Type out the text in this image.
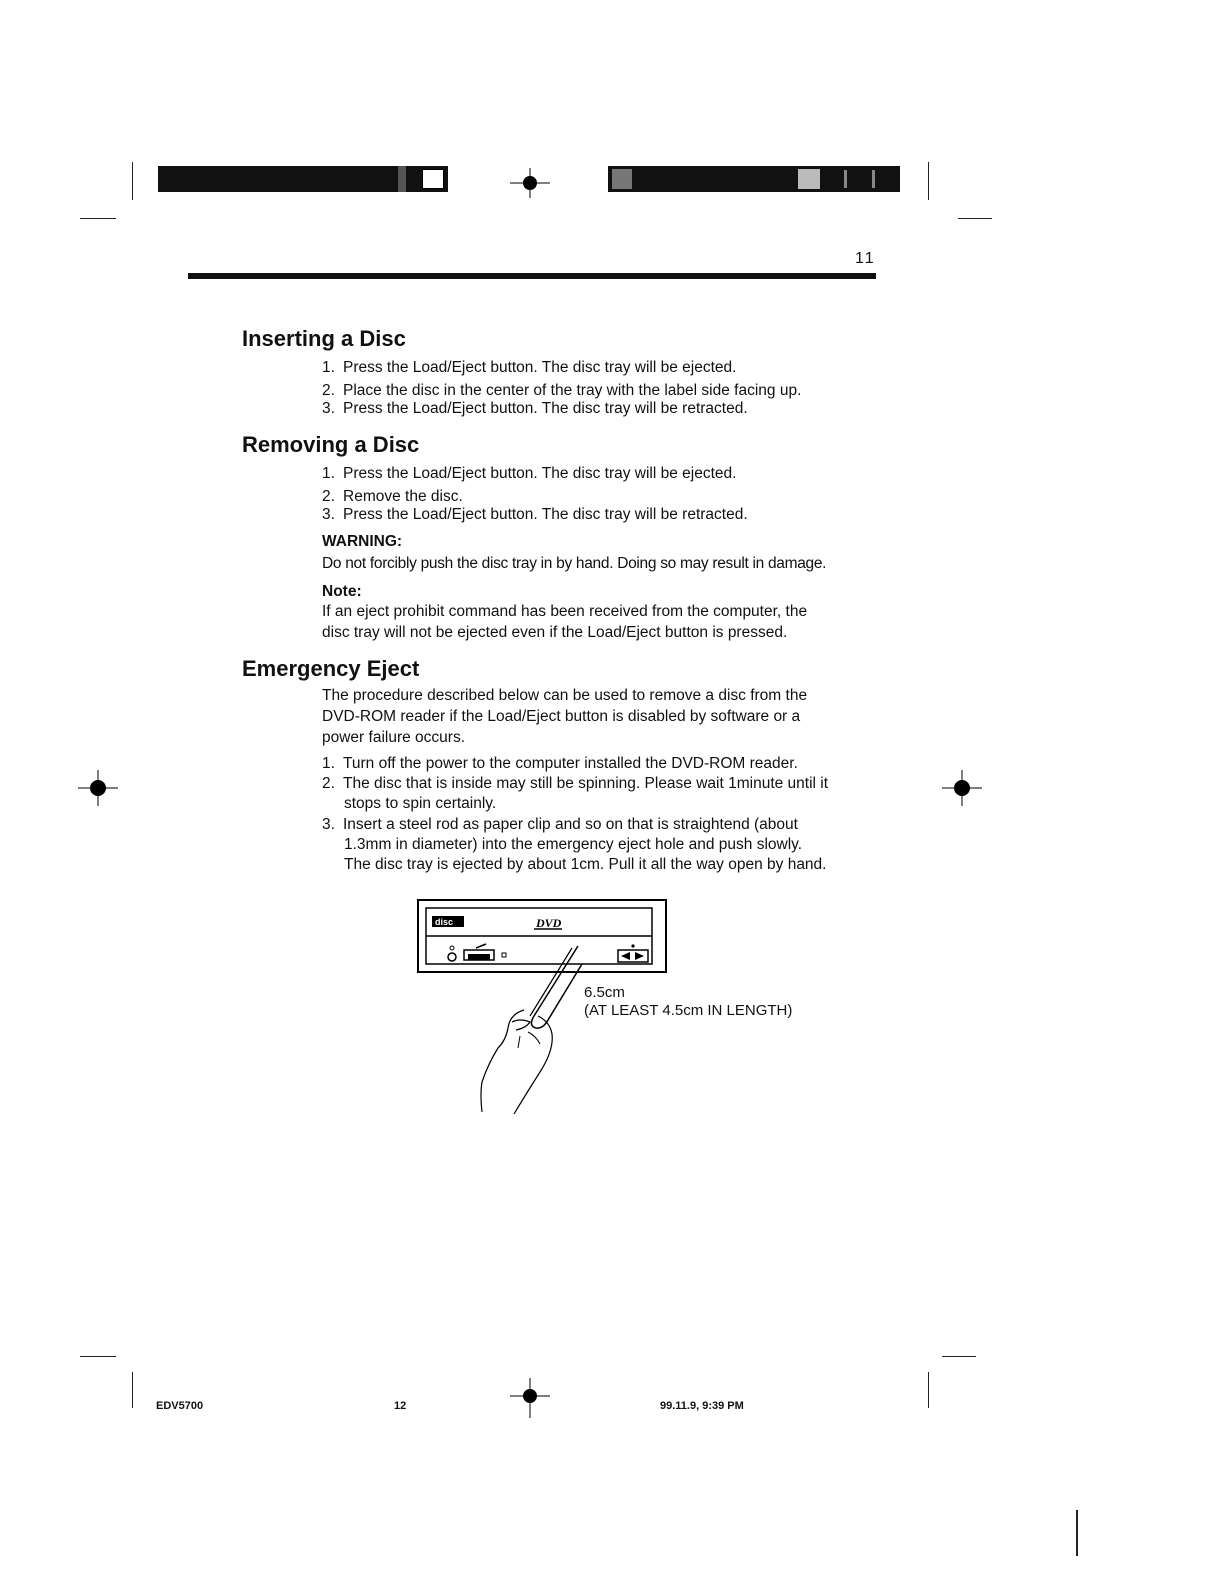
11
Inserting a Disc
1. Press the Load/Eject button. The disc tray will be ejected.
2. Place the disc in the center of the tray with the label side facing up.
3. Press the Load/Eject button. The disc tray will be retracted.
Removing a Disc
1. Press the Load/Eject button. The disc tray will be ejected.
2. Remove the disc.
3. Press the Load/Eject button. The disc tray will be retracted.
WARNING:
Do not forcibly push the disc tray in by hand. Doing so may result in damage.
Note:
If an eject prohibit command has been received from the computer, the
disc tray will not be ejected even if the Load/Eject button is pressed.
Emergency Eject
The procedure described below can be used to remove a disc from the
DVD-ROM reader if the Load/Eject button is disabled by software or a
power failure occurs.
1. Turn off the power to the computer installed the DVD-ROM reader.
2. The disc that is inside may still be spinning. Please wait 1minute until it
stops to spin certainly.
3. Insert a steel rod as paper clip and so on that is straightend (about
1.3mm in diameter) into the emergency eject hole and push slowly.
The disc tray is ejected by about 1cm. Pull it all the way open by hand.
disc	DVD
6.5cm
(AT LEAST 4.5cm IN LENGTH)
EDV5700	12	99.11.9, 9:39 PM
